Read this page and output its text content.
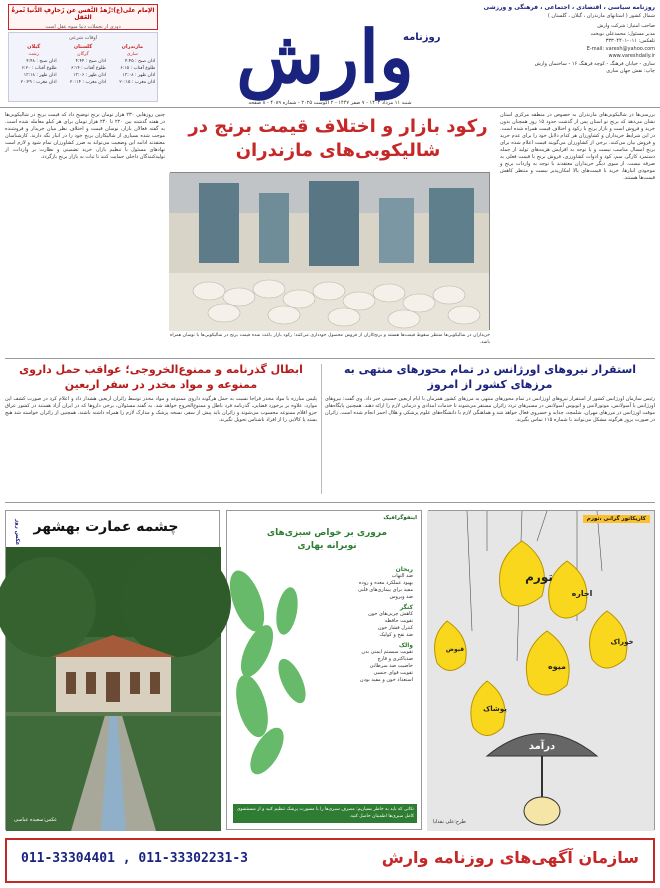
الإمام علی(ع):زُهدُ النَّفس عن زَخارِفِ الدُّنیا ثَمرةُ العَقل
دوری از تجملات دنیا میوه عقل است
اوقات شرعی
مازندران
ساری
اذان صبح : ۴:۴۵
طلوع آفتاب : ۶:۱۵
اذان ظهر : ۱۳:۰۸
اذان مغرب : ۲۰:۱۵
گلستان
گرگان
اذان صبح : ۴:۴۴
طلوع آفتاب : ۶:۱۴
اذان ظهر : ۱۳:۰۶
اذان مغرب : ۲۰:۱۴
گیلان
رشت
اذان صبح : ۴:۴۸
طلوع آفتاب : ۶:۲۰
اذان ظهر : ۱۳:۱۸
اذان مغرب : ۲۰:۲۹ وارش
روزنامه
روزنامه سیاسی ، اقتصادی ، اجتماعی ، فرهنگی و ورزشی
شمال کشور ( استانهای مازندران ، گیلان ، گلستان )
صاحب امتیاز: شرکت وارش
مدیر مسئول: محمدعلی نوبخت
تلفکس: ۰۱۱-۳۳۳۰۴۴۰۱
E-mail: varesh@yahoo.com
www.vareshdaily.ir
ساری - خیابان فرهنگ - کوچه فرهنگ ۱۶ - ساختمان وارش
چاپ: نقش جهان ساری
شنبه ۱۱ مرداد ۱۴۰۴ - ۷ صفر ۱۴۴۷ - ۲ آگوست ۲۰۲۵ - شماره ۴۰۸۹ - ۸ صفحه
رکود بازار و اختلاف قیمت برنج در شالیکوبی‌های مازندران
خریداران در شالیکوبی‌ها منتظر سقوط قیمت‌ها هستند و برنج‌کاران از فروش محصول خودداری می‌کنند؛ رکود بازار باعث شده قیمت برنج در شالیکوبی‌ها با نوسان همراه باشد.
بررسی‌ها در شالیکوبی‌های مازندران به خصوص در منطقه مرکزی استان نشان می‌دهد که برنج نو استان پس از گذشت حدود ۱۵ روز همچنان بدون خرید و فروش است و بازار برنج با رکود و اختلاف قیمت همراه شده است. در این شرایط خریداران و کشاورزان هر کدام دلایل خود را برای عدم خرید و فروش بیان می‌کنند. برخی از کشاورزان می‌گویند قیمت اعلام شده برای برنج امسال مناسب نیست و با توجه به افزایش هزینه‌های تولید از جمله دستمزد کارگر، سم، کود و ادوات کشاورزی، فروش برنج با قیمت فعلی به صرفه نیست. از سوی دیگر خریداران معتقدند با توجه به واردات برنج و موجودی انبارها، خرید با قیمت‌های بالا امکان‌پذیر نیست و منتظر کاهش قیمت‌ها هستند.
چنین روزهایی ۲۳۰ هزار تومان برنج توضیح داد که قیمت برنج در شالیکوبی‌ها در هفته گذشته بین ۲۲۰ تا ۲۴۰ هزار تومان برای هر کیلو معامله شده است. به گفته فعالان بازار، نوسان قیمت و اختلاف نظر میان خریدار و فروشنده موجب شده بسیاری از شالیکاران برنج خود را در انبار نگه دارند. کارشناسان معتقدند ادامه این وضعیت می‌تواند به ضرر کشاورزان تمام شود و لازم است نهادهای مسئول با تنظیم بازار، خرید تضمینی و نظارت بر واردات، از تولیدکنندگان داخلی حمایت کنند تا ثبات به بازار برنج بازگردد.
استقرار نیروهای اورژانس در تمام محورهای منتهی به مرزهای کشور از امروز
رئیس سازمان اورژانس کشور از استقرار نیروهای اورژانس در تمام محورهای منتهی به مرزهای کشور همزمان با ایام اربعین حسینی خبر داد. وی گفت: نیروهای اورژانس با آمبولانس، موتورلانس و اتوبوس آمبولانس در مسیرهای تردد زائران مستقر می‌شوند تا خدمات امدادی و درمانی لازم را ارائه دهند. همچنین پایگاه‌های موقت اورژانس در مرزهای مهران، شلمچه، چذابه و خسروی فعال خواهد شد و هماهنگی لازم با دانشگاه‌های علوم پزشکی و هلال احمر انجام شده است. زائران در صورت بروز هرگونه مشکل می‌توانند با شماره ۱۱۵ تماس بگیرند.
ابطال گذرنامه و ممنوع‌الخروجی؛ عواقب حمل داروی ممنوعه و مواد مخدر در سفر اربعین
پلیس مبارزه با مواد مخدر فراجا نسبت به حمل هرگونه داروی ممنوعه و مواد مخدر توسط زائران اربعین هشدار داد و اعلام کرد در صورت کشف این موارد، علاوه بر برخورد قضایی، گذرنامه فرد باطل و ممنوع‌الخروج خواهد شد. به گفته مسئولان، برخی داروها که در ایران آزاد هستند در کشور عراق جزو اقلام ممنوعه محسوب می‌شوند و زائران باید پیش از سفر، نسخه پزشک و مدارک لازم را همراه داشته باشند. همچنین از زائران خواسته شد هیچ بسته یا کالایی را از افراد ناشناس تحویل نگیرند.
تورم
اجاره
قبوض
میوه
خوراک
پوشاک
درآمد
کاریکاتور گرانی ،تورم
طرح:علی نقدایا
اینفوگرافیک
مروری بر خواص سبزی‌های نوبرانه بهاری
ریحان
ضد التهاب
بهبود عملکرد معده و روده
مفید برای بیماری‌های قلبی
ضد ویروس
کنگر
کاهش چربی‌های خون
تقویت حافظه
کنترل فشار خون
ضد نفخ و کولیک
والک
تقویت سیستم ایمنی بدن
ضدباکتری و قارچ
خاصیت ضد سرطانی
تقویت قوای جنسی
استعداد خون و مفید بودن
نکاتی که باید به خاطر بسپاریم: مصرف سبزی‌ها را با مشورت پزشک تنظیم کنید و از شستشوی کامل سبزی‌ها اطمینان حاصل کنید.
چشمه عمارت بهشهر
عکس روز
عکس:سعیده عباسی
سازمان آگهی‌های روزنامه وارش
011-33304401 , 011-33302231-3
